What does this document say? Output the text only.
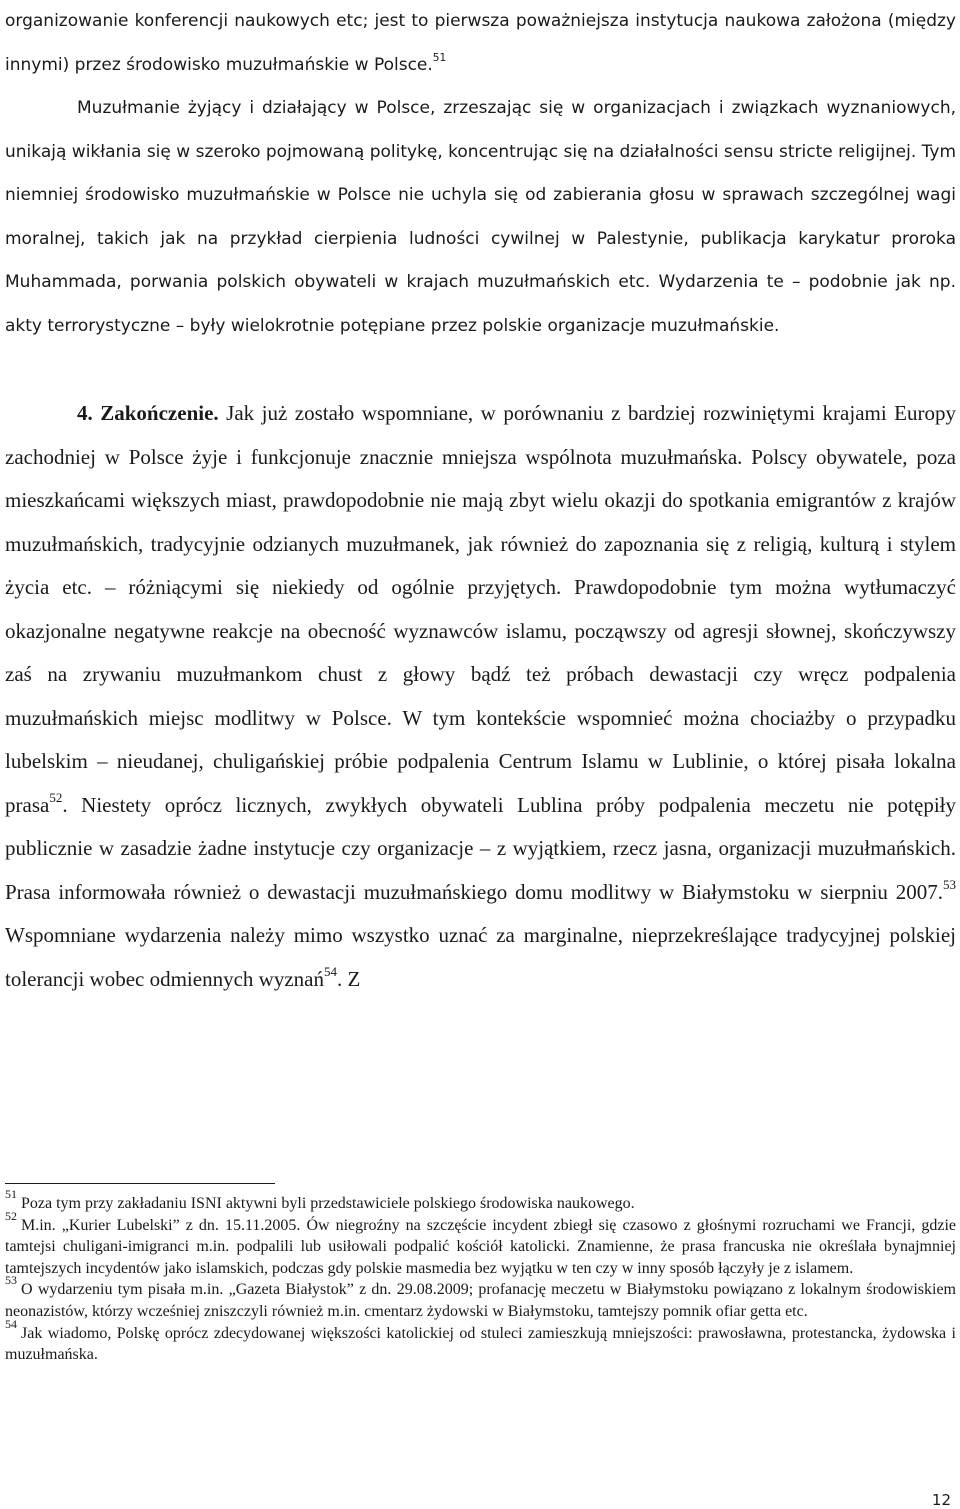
organizowanie konferencji naukowych etc; jest to pierwsza poważniejsza instytucja naukowa założona (między innymi) przez środowisko muzułmańskie w Polsce.$^{51}$

Muzułmanie żyjący i działający w Polsce, zrzeszając się w organizacjach i związkach wyznaniowych, unikają wikłania się w szeroko pojmowaną politykę, koncentrując się na działalności sensu stricte religijnej. Tym niemniej środowisko muzułmańskie w Polsce nie uchyla się od zabierania głosu w sprawach szczególnej wagi moralnej, takich jak na przykład cierpienia ludności cywilnej w Palestynie, publikacja karykatur proroka Muhammada, porwania polskich obywateli w krajach muzułmańskich etc. Wydarzenia te – podobnie jak np. akty terrorystyczne – były wielokrotnie potępiane przez polskie organizacje muzułmańskie.

4. Zakończenie. Jak już zostało wspomniane, w porównaniu z bardziej rozwiniętymi krajami Europy zachodniej w Polsce żyje i funkcjonuje znacznie mniejsza wspólnota muzułmańska. Polscy obywatele, poza mieszkańcami większych miast, prawdopodobnie nie mają zbyt wielu okazji do spotkania emigrantów z krajów muzułmańskich, tradycyjnie odzianych muzułmanek, jak również do zapoznania się z religią, kulturą i stylem życia etc. – różniącymi się niekiedy od ogólnie przyjętych. Prawdopodobnie tym można wytłumaczyć okazjonalne negatywne reakcje na obecność wyznawców islamu, począwszy od agresji słownej, skończywszy zaś na zrywaniu muzułmankom chust z głowy bądź też próbach dewastacji czy wręcz podpalenia muzułmańskich miejsc modlitwy w Polsce. W tym kontekście wspomnieć można chociażby o przypadku lubelskim – nieudanej, chuligańskiej próbie podpalenia Centrum Islamu w Lublinie, o której pisała lokalna prasa$^{52}$. Niestety oprócz licznych, zwykłych obywateli Lublina próby podpalenia meczetu nie potępiły publicznie w zasadzie żadne instytucje czy organizacje – z wyjątkiem, rzecz jasna, organizacji muzułmańskich. Prasa informowała również o dewastacji muzułmańskiego domu modlitwy w Białymstoku w sierpniu 2007.53 Wspomniane wydarzenia należy mimo wszystko uznać za marginalne, nieprzekreślające tradycyjnej polskiej tolerancji wobec odmiennych wyznań$^{54}$. Z

$^{51}$Poza tym przy zakładaniu ISNI aktywni byli przedstawiciele polskiego środowiska naukowego.

$^{52}$M.in. „Kurier Lubelski” z dn. 15.11.2005. Ów niegroźny na szczęście incydent zbiegł się czasowo z głośnymi rozruchami we Francji, gdzie tamtejsi chuligani-imigranci m.in. podpalili lub usiłowali podpalić kościół katolicki. Znamienne, że prasa francuska nie określała bynajmniej tamtejszych incydentów jako islamskich, podczas gdy polskie masmedia bez wyjątku w ten czy w inny sposób łączyły je z islamem.

$^{53}$O wydarzeniu tym pisała m.in. „Gazeta Białystok” z dn. 29.08.2009; profanację meczetu w Białymstoku powiązano z lokalnym środowiskiem neonazistów, którzy wcześniej zniszczyli również m.in. cmentarz żydowski w Białymstoku, tamtejszy pomnik ofiar getta etc.

$^{54}$Jak wiadomo, Polskę oprócz zdecydowanej większości katolickiej od stuleci zamieszkują mniejszości: prawosławna, protestancka, żydowska i muzułmańska.

12
